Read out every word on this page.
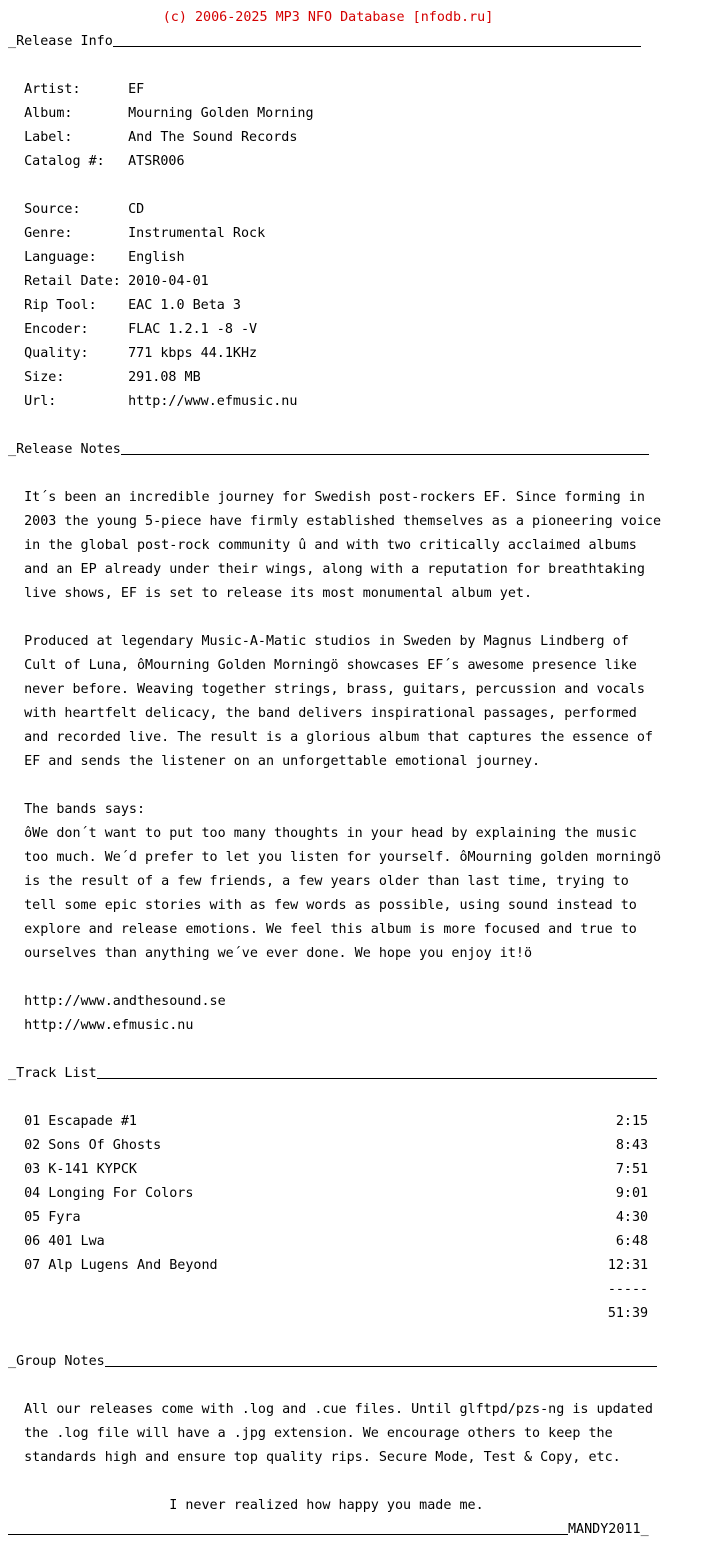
(c) 2006-2025 MP3 NFO Database [nfodb.ru]

_Release Info

Artist:	EF

Album:	Mourning Golden Morning

Label:	And The Sound Records

Catalog #: ATSR006

Source:	CD

Genre:	Instrumental Rock

Language: English

Retail Date: 2010-04-01

Rip Tool: EAC 1.0 Beta 3

Encoder:	FLAC 1.2.1 -8 -V

Quality:	771 kbps 44.1KHz

Size:	291.08 MB

Url:	http://www.efmusic.nu

_Release Notes

It´s been an incredible journey for Swedish post-rockers EF. Since forming in

2003 the young 5-piece have firmly established themselves as a pioneering voice

in the global post-rock community û and with two critically acclaimed albums

and an EP already under their wings, along with a reputation for breathtaking

live shows, EF is set to release its most monumental album yet.

Produced at legendary Music-A-Matic studios in Sweden by Magnus Lindberg of

Cult of Luna, ôMourning Golden Morningö showcases EF´s awesome presence like

never before. Weaving together strings, brass, guitars, percussion and vocals

with heartfelt delicacy, the band delivers inspirational passages, performed

and recorded live. The result is a glorious album that captures the essence of

EF and sends the listener on an unforgettable emotional journey.

The bands says:

ôWe don´t want to put too many thoughts in your head by explaining the music

too much. We´d prefer to let you listen for yourself. ôMourning golden morningö

is the result of a few friends, a few years older than last time, trying to

tell some epic stories with as few words as possible, using sound instead to

explore and release emotions. We feel this album is more focused and true to

ourselves than anything we´ve ever done. We hope you enjoy it!ö

http://www.andthesound.se

http://www.efmusic.nu

_Track List

01 Escapade #1	2:15

02 Sons Of Ghosts	8:43

03 K-141 KYPCK	7:51

04 Longing For Colors	9:01

05 Fyra	4:30

06 401 Lwa	6:48

07 Alp Lugens And Beyond	12:31

-----

51:39

_Group Notes

All our releases come with .log and .cue files. Until glftpd/pzs-ng is updated

the .log file will have a .jpg extension. We encourage others to keep the

standards high and ensure top quality rips. Secure Mode, Test & Copy, etc.

I never realized how happy you made me.

MANDY2011_
